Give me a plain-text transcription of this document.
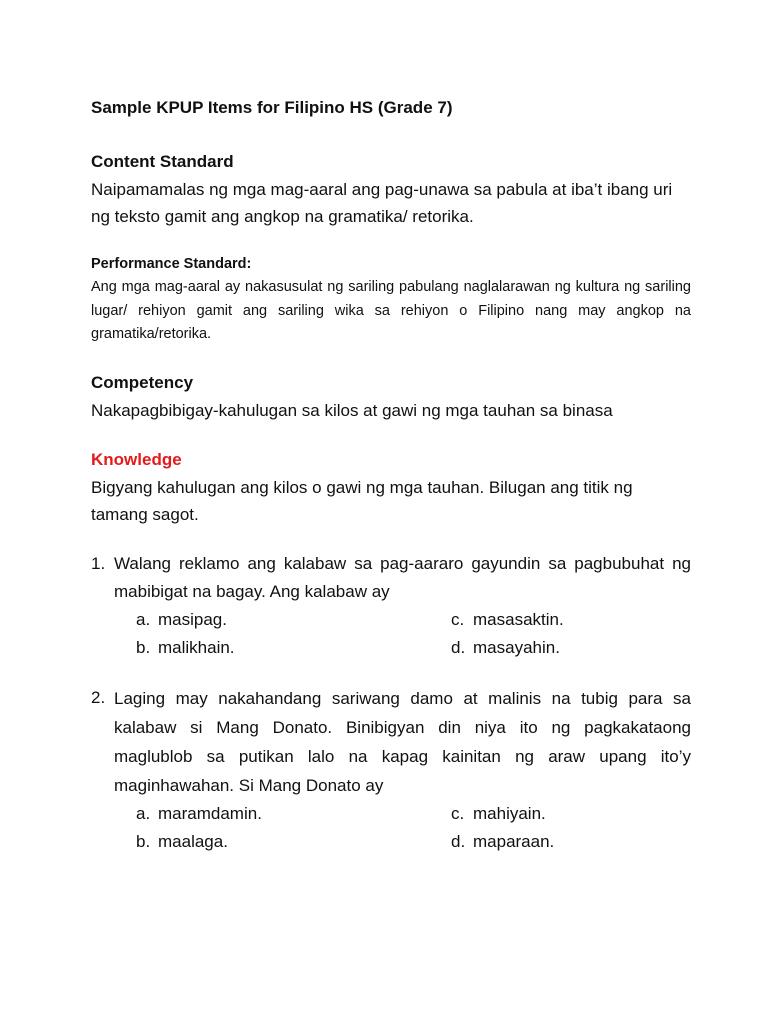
Sample KPUP Items for Filipino HS (Grade 7)

Content Standard

Naipamamalas ng mga mag-aaral ang pag-unawa sa pabula at iba’t ibang uri ng teksto gamit ang angkop na gramatika/ retorika.

Performance Standard:

Ang mga mag-aaral ay nakasusulat ng sariling pabulang naglalarawan ng kultura ng sariling lugar/ rehiyon gamit ang sariling wika sa rehiyon o Filipino nang may angkop na gramatika/retorika.

Competency

Nakapagbibigay-kahulugan sa kilos at gawi ng mga tauhan sa binasa

Knowledge

Bigyang kahulugan ang kilos o gawi ng mga tauhan. Bilugan ang titik ng tamang sagot.

1. Walang reklamo ang kalabaw sa pag-aararo gayundin sa pagbubuhat ng mabibigat na bagay. Ang kalabaw ay

a. masipag.	c. masasaktin.
b. malikhain.	d. masayahin.
2. Laging may nakahandang sariwang damo at malinis na tubig para sa kalabaw si Mang Donato. Binibigyan din niya ito ng pagkakataong maglublob sa putikan lalo na kapag kainitan ng araw upang ito’y maginhawahan. Si Mang Donato ay

a. maramdamin.	c. mahiyain.
b. maalaga.	d. maparaan.
